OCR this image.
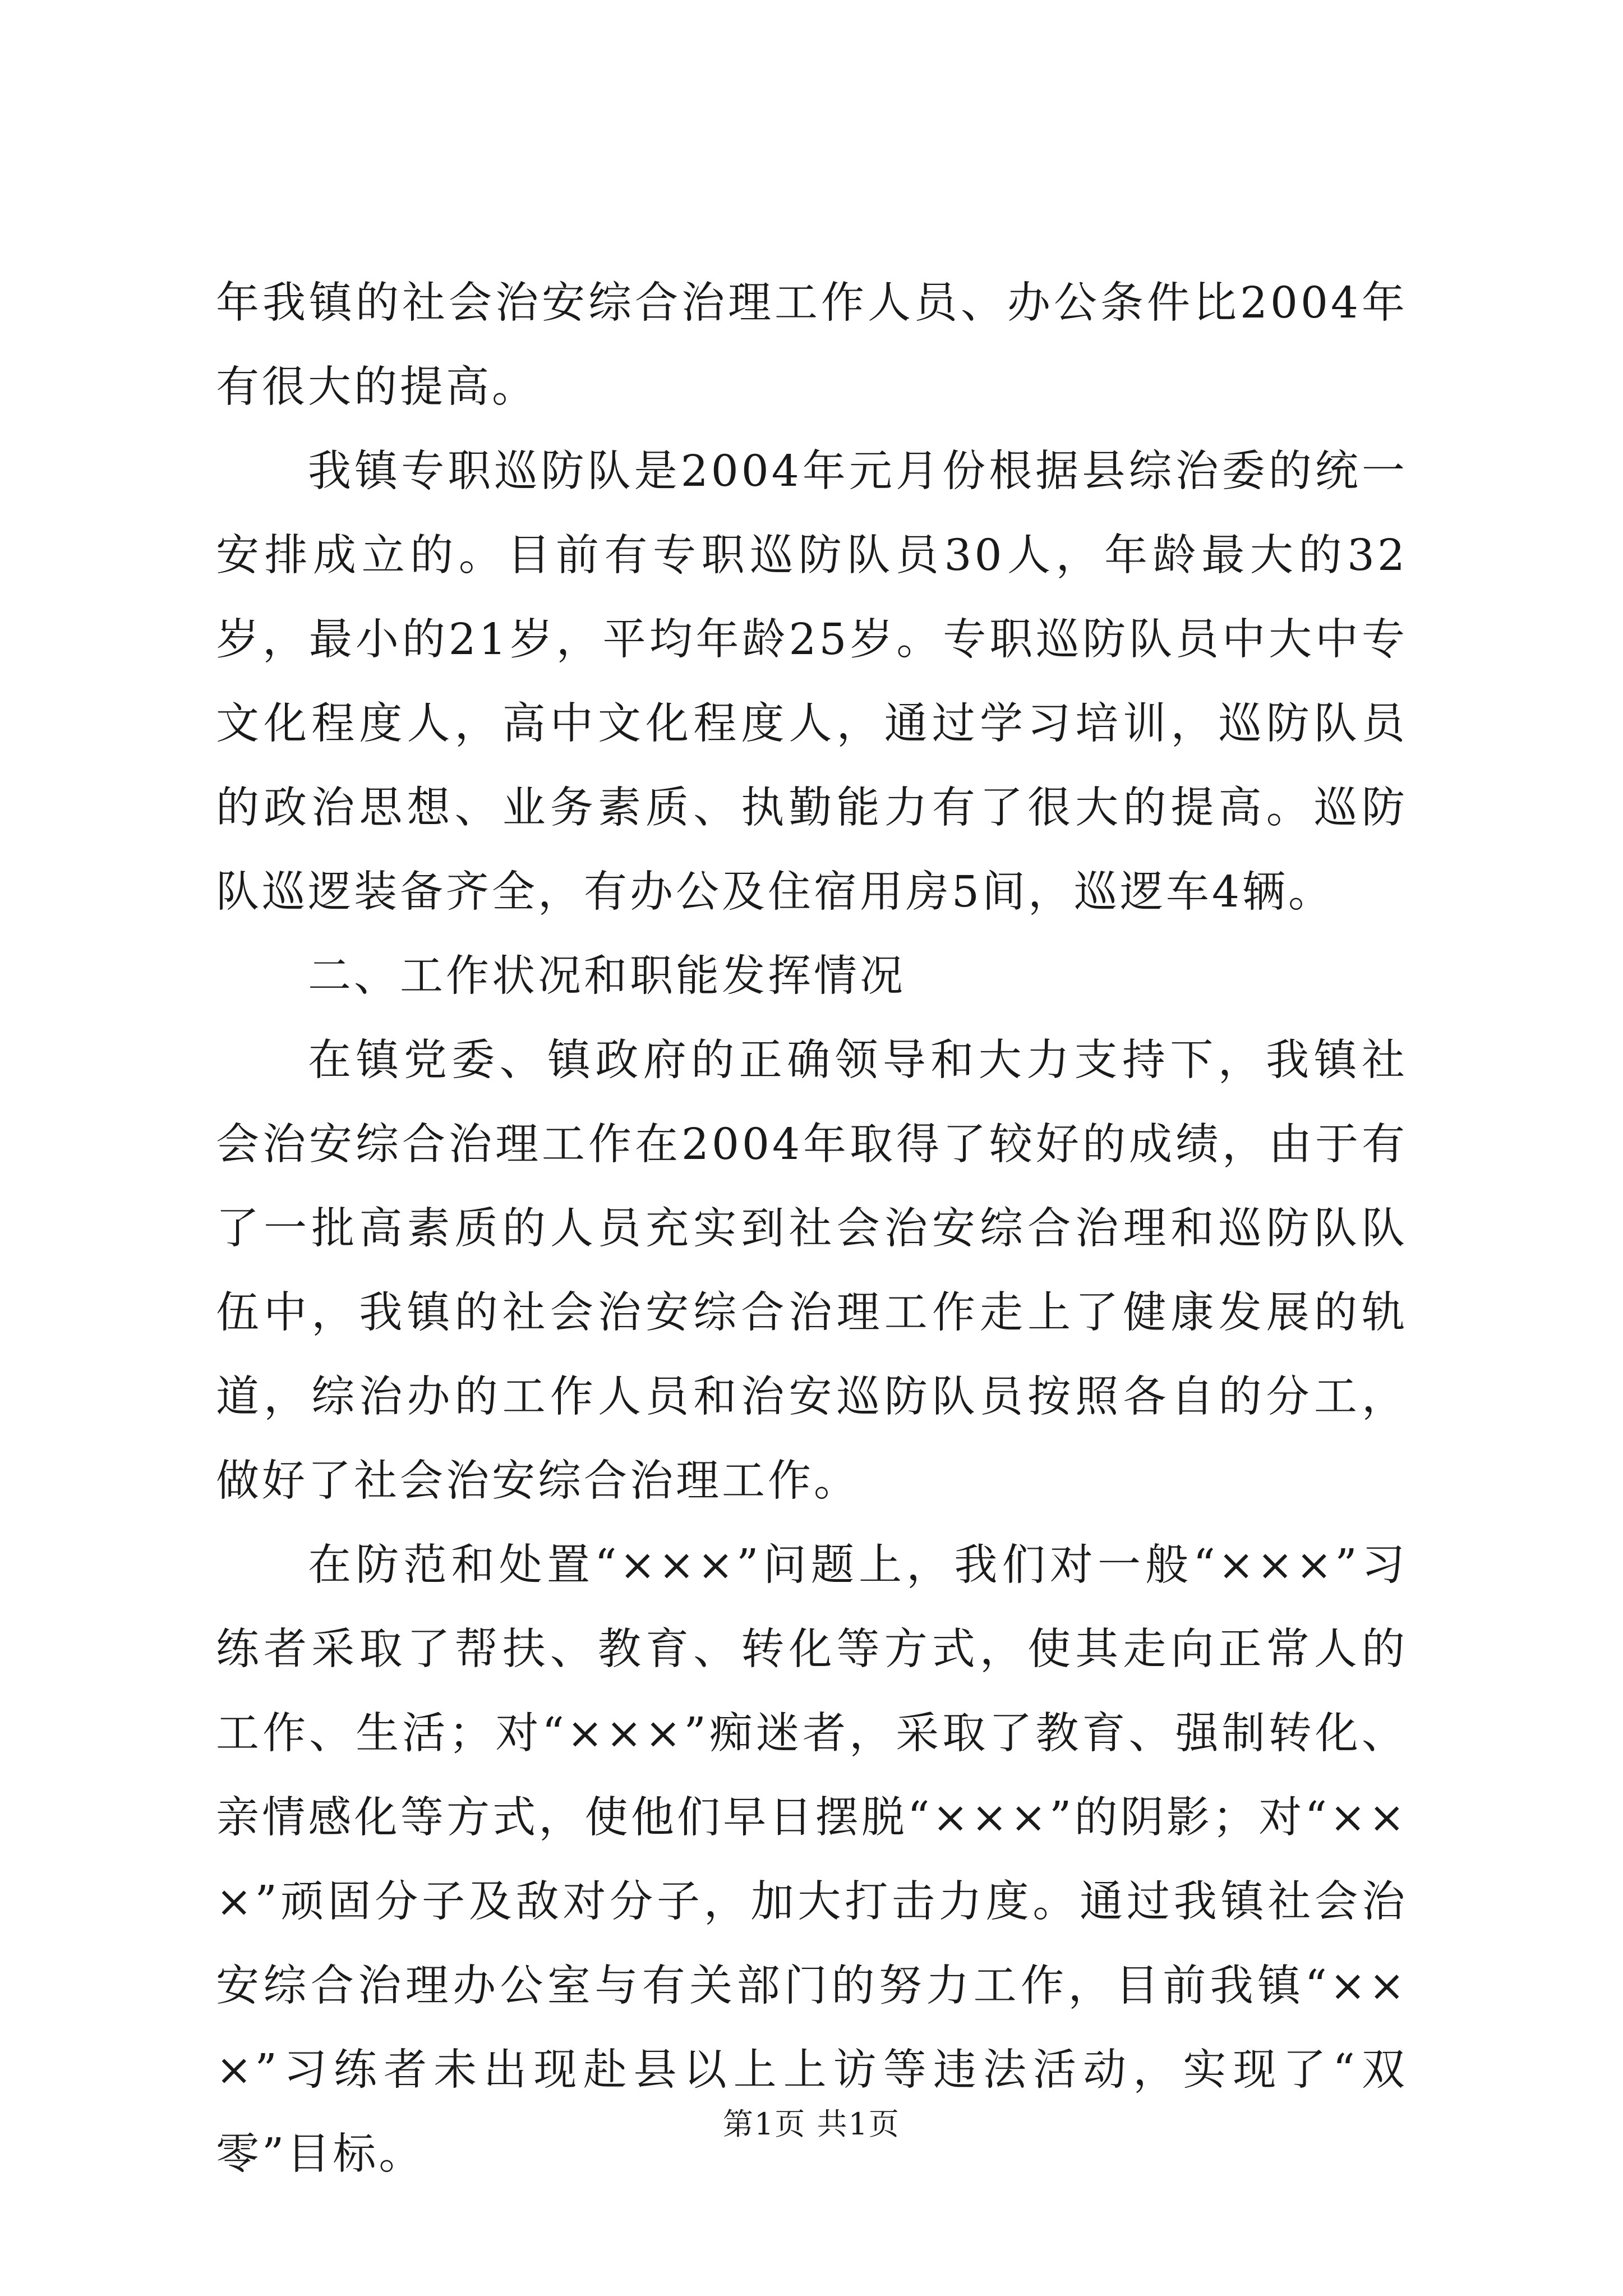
年我镇的社会治安综合治理工作人员、办公条件比2004年有很大的提高。

我镇专职巡防队是2004年元月份根据县综治委的统一安排成立的。目前有专职巡防队员30人，年龄最大的32岁，最小的21岁，平均年龄25岁。专职巡防队员中大中专文化程度人，高中文化程度人，通过学习培训，巡防队员的政治思想、业务素质、执勤能力有了很大的提高。巡防队巡逻装备齐全，有办公及住宿用房5间，巡逻车4辆。

二、工作状况和职能发挥情况

在镇党委、镇政府的正确领导和大力支持下，我镇社会治安综合治理工作在2004年取得了较好的成绩，由于有了一批高素质的人员充实到社会治安综合治理和巡防队队伍中，我镇的社会治安综合治理工作走上了健康发展的轨道，综治办的工作人员和治安巡防队员按照各自的分工，做好了社会治安综合治理工作。

在防范和处置“×××”问题上，我们对一般“×××”习练者采取了帮扶、教育、转化等方式，使其走向正常人的工作、生活；对“×××”痴迷者，采取了教育、强制转化、亲情感化等方式，使他们早日摆脱“×××”的阴影；对“×××”顽固分子及敌对分子，加大打击力度。通过我镇社会治安综合治理办公室与有关部门的努力工作，目前我镇“×××”习练者未出现赴县以上上访等违法活动，实现了“双零”目标。

第1页 共1页
